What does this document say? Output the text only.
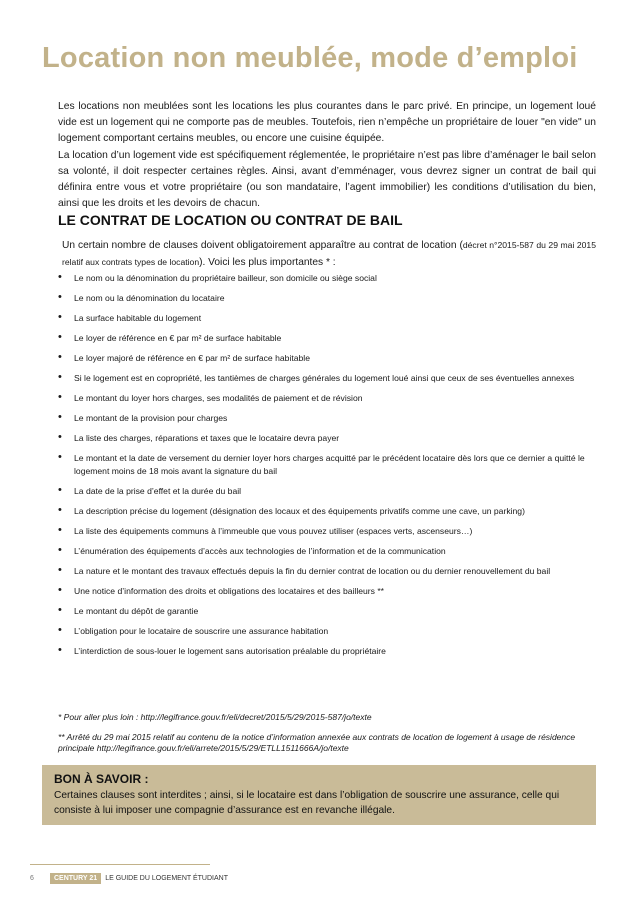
Location non meublée, mode d’emploi
Les locations non meublées sont les locations les plus courantes dans le parc privé. En principe, un logement loué vide est un logement qui ne comporte pas de meubles. Toutefois, rien n’empêche un propriétaire de louer "en vide" un logement comportant certains meubles, ou encore une cuisine équipée.
La location d’un logement vide est spécifiquement réglementée, le propriétaire n’est pas libre d’aménager le bail selon sa volonté, il doit respecter certaines règles. Ainsi, avant d’emménager, vous devrez signer un contrat de bail qui définira entre vous et votre propriétaire (ou son mandataire, l’agent immobilier) les conditions d’utilisation du bien, ainsi que les droits et les devoirs de chacun.
LE CONTRAT DE LOCATION OU CONTRAT DE BAIL
Un certain nombre de clauses doivent obligatoirement apparaître au contrat de location (décret n°2015-587 du 29 mai 2015 relatif aux contrats types de location). Voici les plus importantes * :
• Le nom ou la dénomination du propriétaire bailleur, son domicile ou siège social
• Le nom ou la dénomination du locataire
• La surface habitable du logement
• Le loyer de référence en € par m² de surface habitable
• Le loyer majoré de référence en € par m² de surface habitable
• Si le logement est en copropriété, les tantièmes de charges générales du logement loué ainsi que ceux de ses éventuelles annexes
• Le montant du loyer hors charges, ses modalités de paiement et de révision
• Le montant de la provision pour charges
• La liste des charges, réparations et taxes que le locataire devra payer
• Le montant et la date de versement du dernier loyer hors charges acquitté par le précédent locataire dès lors que ce dernier a quitté le logement moins de 18 mois avant la signature du bail
• La date de la prise d’effet et la durée du bail
• La description précise du logement (désignation des locaux et des équipements privatifs comme une cave, un parking)
• La liste des équipements communs à l’immeuble que vous pouvez utiliser (espaces verts, ascenseurs…)
• L’énumération des équipements d’accès aux technologies de l’information et de la communication
• La nature et le montant des travaux effectués depuis la fin du dernier contrat de location ou du dernier renouvellement du bail
• Une notice d’information des droits et obligations des locataires et des bailleurs **
• Le montant du dépôt de garantie
• L’obligation pour le locataire de souscrire une assurance habitation
• L’interdiction de sous-louer le logement sans autorisation préalable du propriétaire

* Pour aller plus loin : http://legifrance.gouv.fr/eli/decret/2015/5/29/2015-587/jo/texte

** Arrêté du 29 mai 2015 relatif au contenu de la notice d’information annexée aux contrats de location de logement à usage de résidence principale http://legifrance.gouv.fr/eli/arrete/2015/5/29/ETLL1511666A/jo/texte

BON À SAVOIR :
Certaines clauses sont interdites ; ainsi, si le locataire est dans l’obligation de souscrire une assurance, celle qui consiste à lui imposer une compagnie d’assurance est en revanche illégale.
6	CENTURY 21	LE GUIDE DU LOGEMENT ÉTUDIANT
